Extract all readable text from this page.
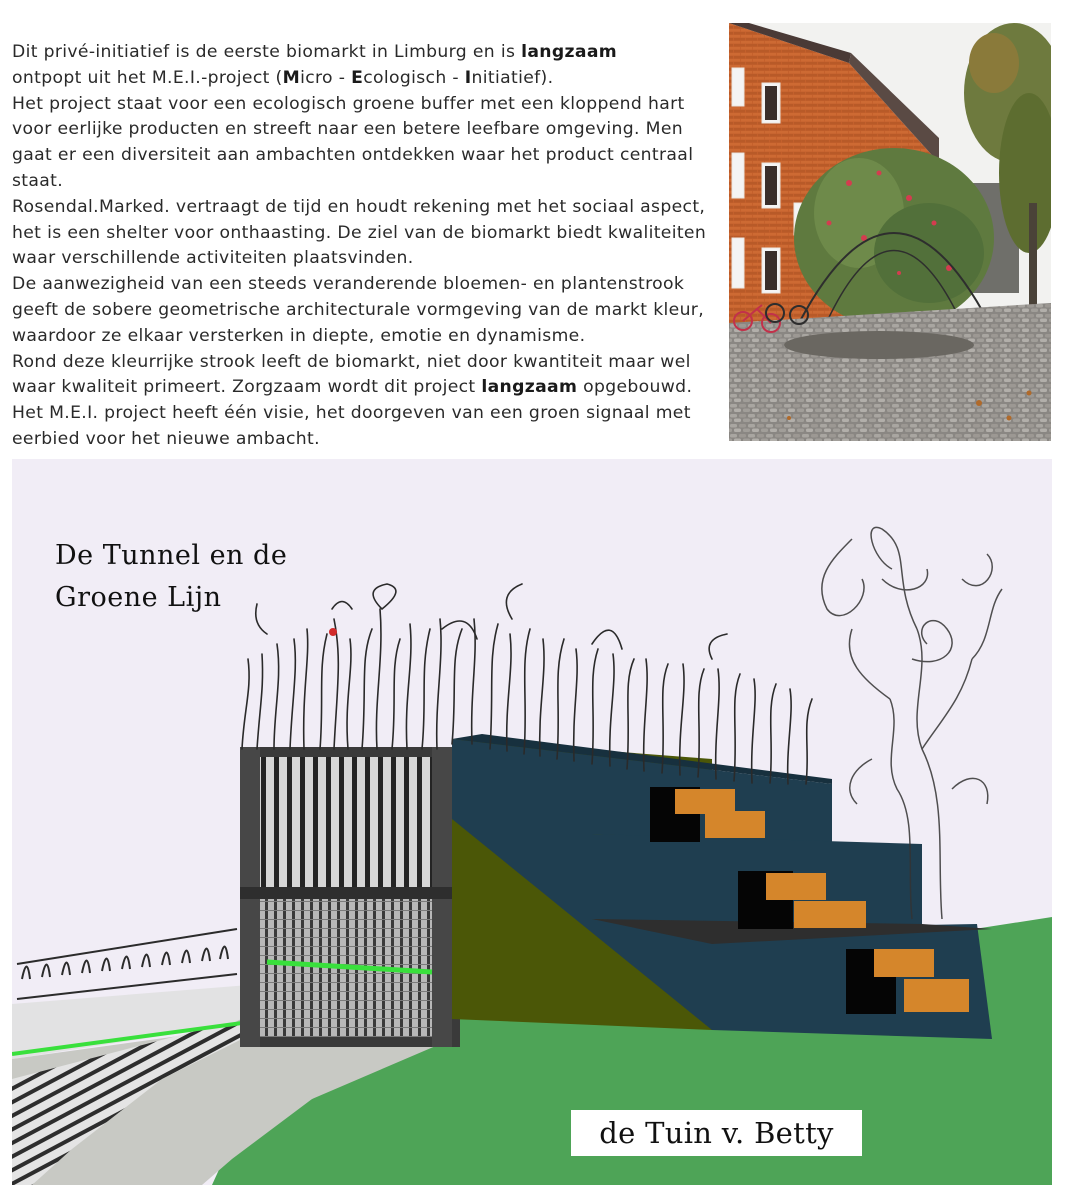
Dit privé-initiatief is de eerste biomarkt in Limburg en is langzaam

ontpopt uit het M.E.I.-project (Micro - Ecologisch - Initiatief).

Het project staat voor een ecologisch groene buffer met een kloppend hart voor eerlijke producten en streeft naar een betere leefbare omgeving. Men gaat er een diversiteit aan ambachten ontdekken waar het product centraal staat.

Rosendal.Marked. vertraagt de tijd en houdt rekening met het sociaal aspect, het is een shelter voor onthaasting. De ziel van de biomarkt biedt kwaliteiten waar verschillende activiteiten plaatsvinden.

De aanwezigheid van een steeds veranderende bloemen- en plantenstrook geeft de sobere geometrische architecturale vormgeving van de markt kleur, waardoor ze elkaar versterken in diepte, emotie en dynamisme.

Rond deze kleurrijke strook leeft de biomarkt, niet door kwantiteit maar wel waar kwaliteit primeert. Zorgzaam wordt dit project langzaam opgebouwd.

Het M.E.I. project heeft één visie, het doorgeven van een groen signaal met eerbied voor het nieuwe ambacht.

De Tunnel en de
Groene Lijn
de Tuin v. Betty
